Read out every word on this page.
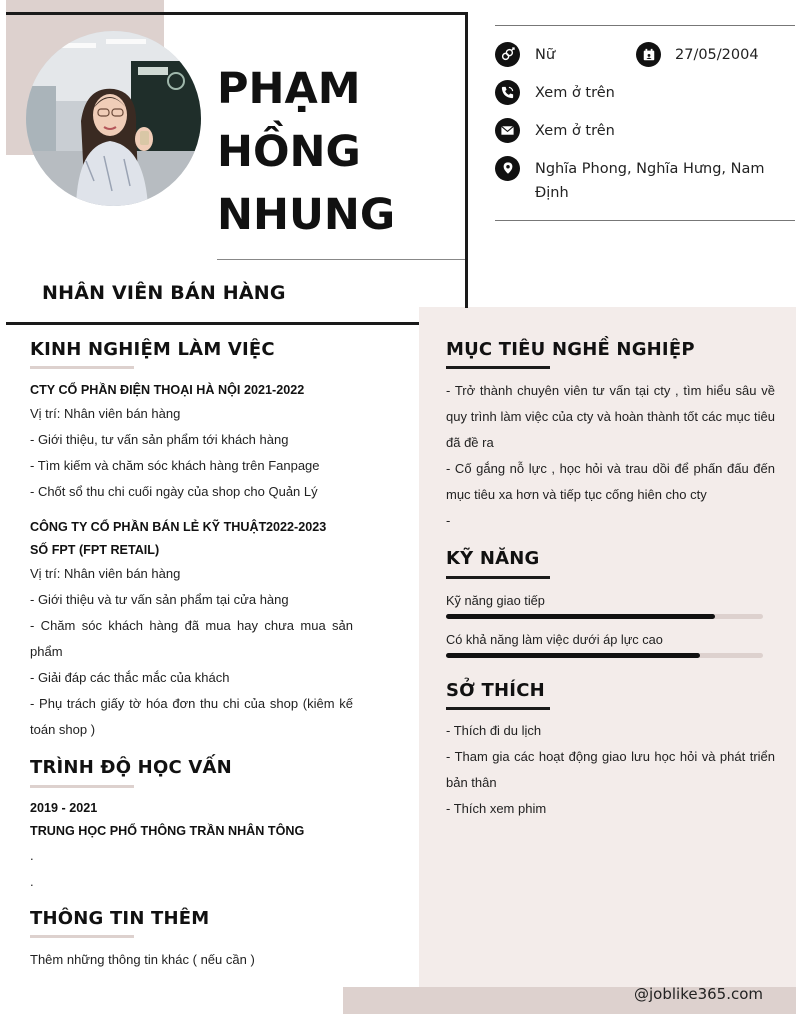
PHẠM
HỒNG
NHUNG
NHÂN VIÊN BÁN HÀNG
Nữ	27/05/2004
Xem ở trên
Xem ở trên
Nghĩa Phong, Nghĩa Hưng, Nam
Định
KINH NGHIỆM LÀM VIỆC
CTY CỔ PHẦN ĐIỆN THOẠI HÀ NỘI 2021-2022
Vị trí: Nhân viên bán hàng
- Giới thiệu, tư vấn sản phẩm tới khách hàng
- Tìm kiếm và chăm sóc khách hàng trên Fanpage
- Chốt sổ thu chi cuối ngày của shop cho Quản Lý
CÔNG TY CỔ PHẦN BÁN LẺ KỸ THUẬT 2022-2023
SỐ FPT (FPT RETAIL)
Vị trí: Nhân viên bán hàng
- Giới thiệu và tư vấn sản phẩm tại cửa hàng
- Chăm sóc khách hàng đã mua hay chưa mua sản
phẩm
- Giải đáp các thắc mắc của khách
- Phụ trách giấy tờ hóa đơn thu chi của shop (kiêm kế
toán shop )
TRÌNH ĐỘ HỌC VẤN
2019 - 2021
TRUNG HỌC PHỔ THÔNG TRẦN NHÂN TÔNG
.
.
THÔNG TIN THÊM
Thêm những thông tin khác ( nếu cần )
MỤC TIÊU NGHỀ NGHIỆP
- Trở thành chuyên viên tư vấn tại cty , tìm hiểu sâu về
quy trình làm việc của cty và hoàn thành tốt các mục tiêu
đã đề ra
- Cố gắng nỗ lực , học hỏi và trau dồi để phấn đấu đến
mục tiêu xa hơn và tiếp tục cống hiên cho cty
-
KỸ NĂNG
Kỹ năng giao tiếp
Có khả năng làm việc dưới áp lực cao
SỞ THÍCH
- Thích đi du lịch
- Tham gia các hoạt động giao lưu học hỏi và phát triển
bản thân
- Thích xem phim
@joblike365.com
